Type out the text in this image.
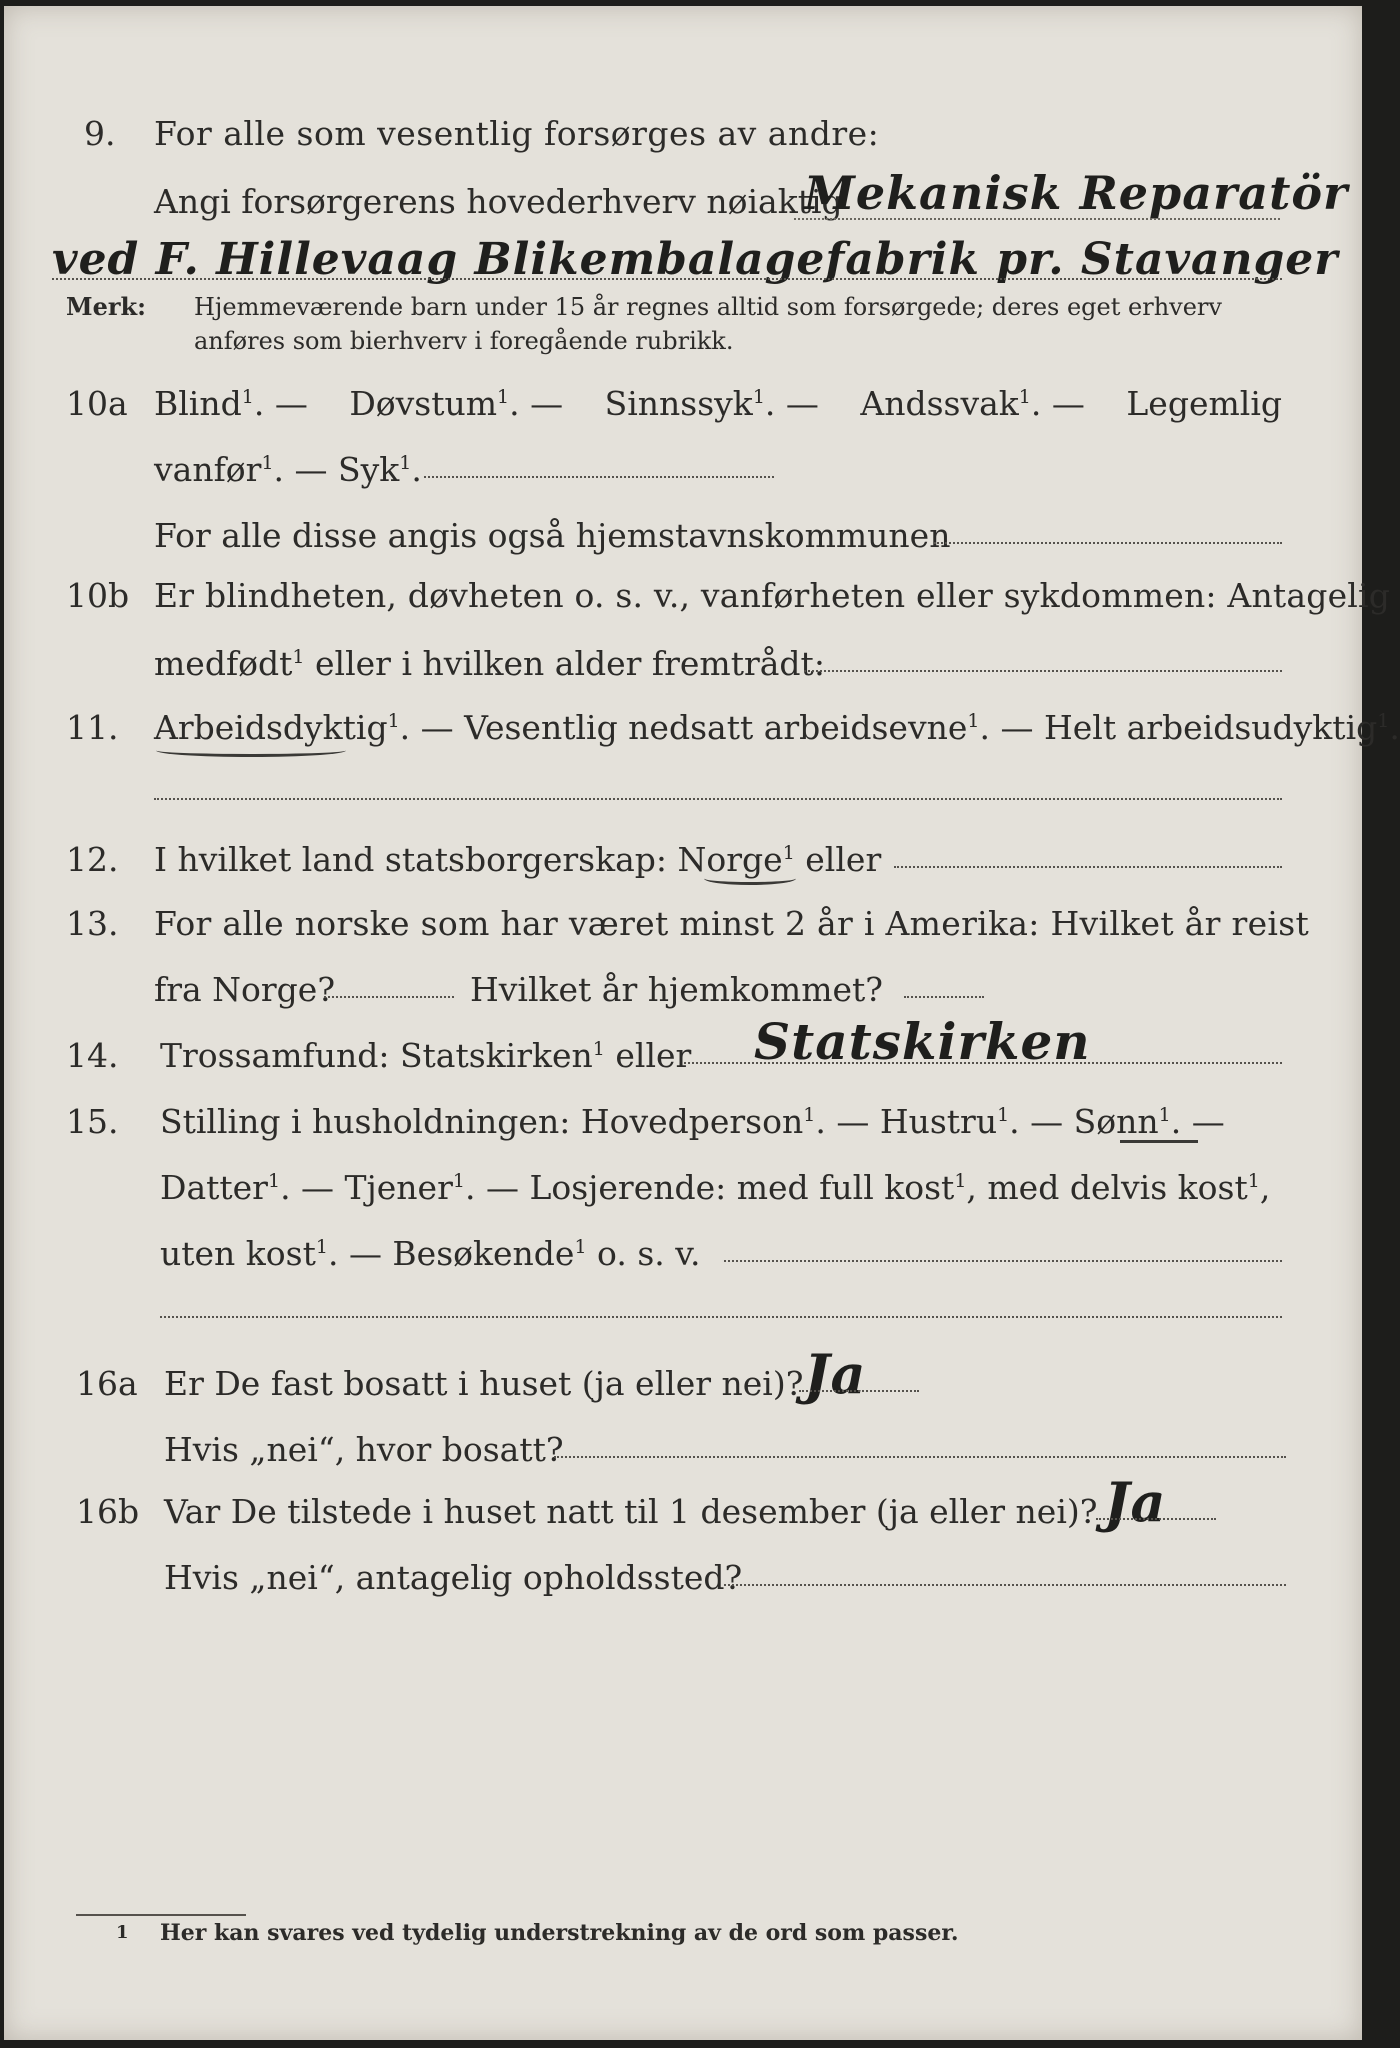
9. For alle som vesentlig forsørges av andre:
Angi forsørgerens hovederhverv nøiaktig
Mekanisk Reparatör
ved F. Hillevaag Blikembalagefabrik pr. Stavanger
Merk: Hjemmeværende barn under 15 år regnes alltid som forsørgede; deres eget erhverv
anføres som bierhverv i foregående rubrikk.
10a Blind$^1$. — Døvstum$^1$. — Sinnssyk$^1$. — Andssvak$^1$. — Legemlig
vanfør$^1$. — Syk$^1$.
For alle disse angis også hjemstavnskommunen
10b Er blindheten, døvheten o. s. v., vanførheten eller sykdommen: Antagelig
medfødt$^1$ eller i hvilken alder fremtrådt:
11. Arbeidsdyktig$^1$. — Vesentlig nedsatt arbeidsevne$^1$. — Helt arbeidsudyktig$^1$.
12. I hvilket land statsborgerskap: Norge$^1$ eller
13. For alle norske som har været minst 2 år i Amerika: Hvilket år reist
fra Norge?	Hvilket år hjemkommet?
14. Trossamfund: Statskirken$^1$ eller Statskirken
15. Stilling i husholdningen: Hovedperson$^1$. — Hustru$^1$. — Sønn$^1$. —
Datter$^1$. — Tjener$^1$. — Losjerende: med full kost$^1$, med delvis kost$^1$,
uten kost$^1$. — Besøkende$^1$ o. s. v.
16a Er De fast bosatt i huset (ja eller nei)? Ja
Hvis „nei“, hvor bosatt?
16b Var De tilstede i huset natt til 1 desember (ja eller nei)? Ja
Hvis „nei“, antagelig opholdssted?
1 Her kan svares ved tydelig understrekning av de ord som passer.
